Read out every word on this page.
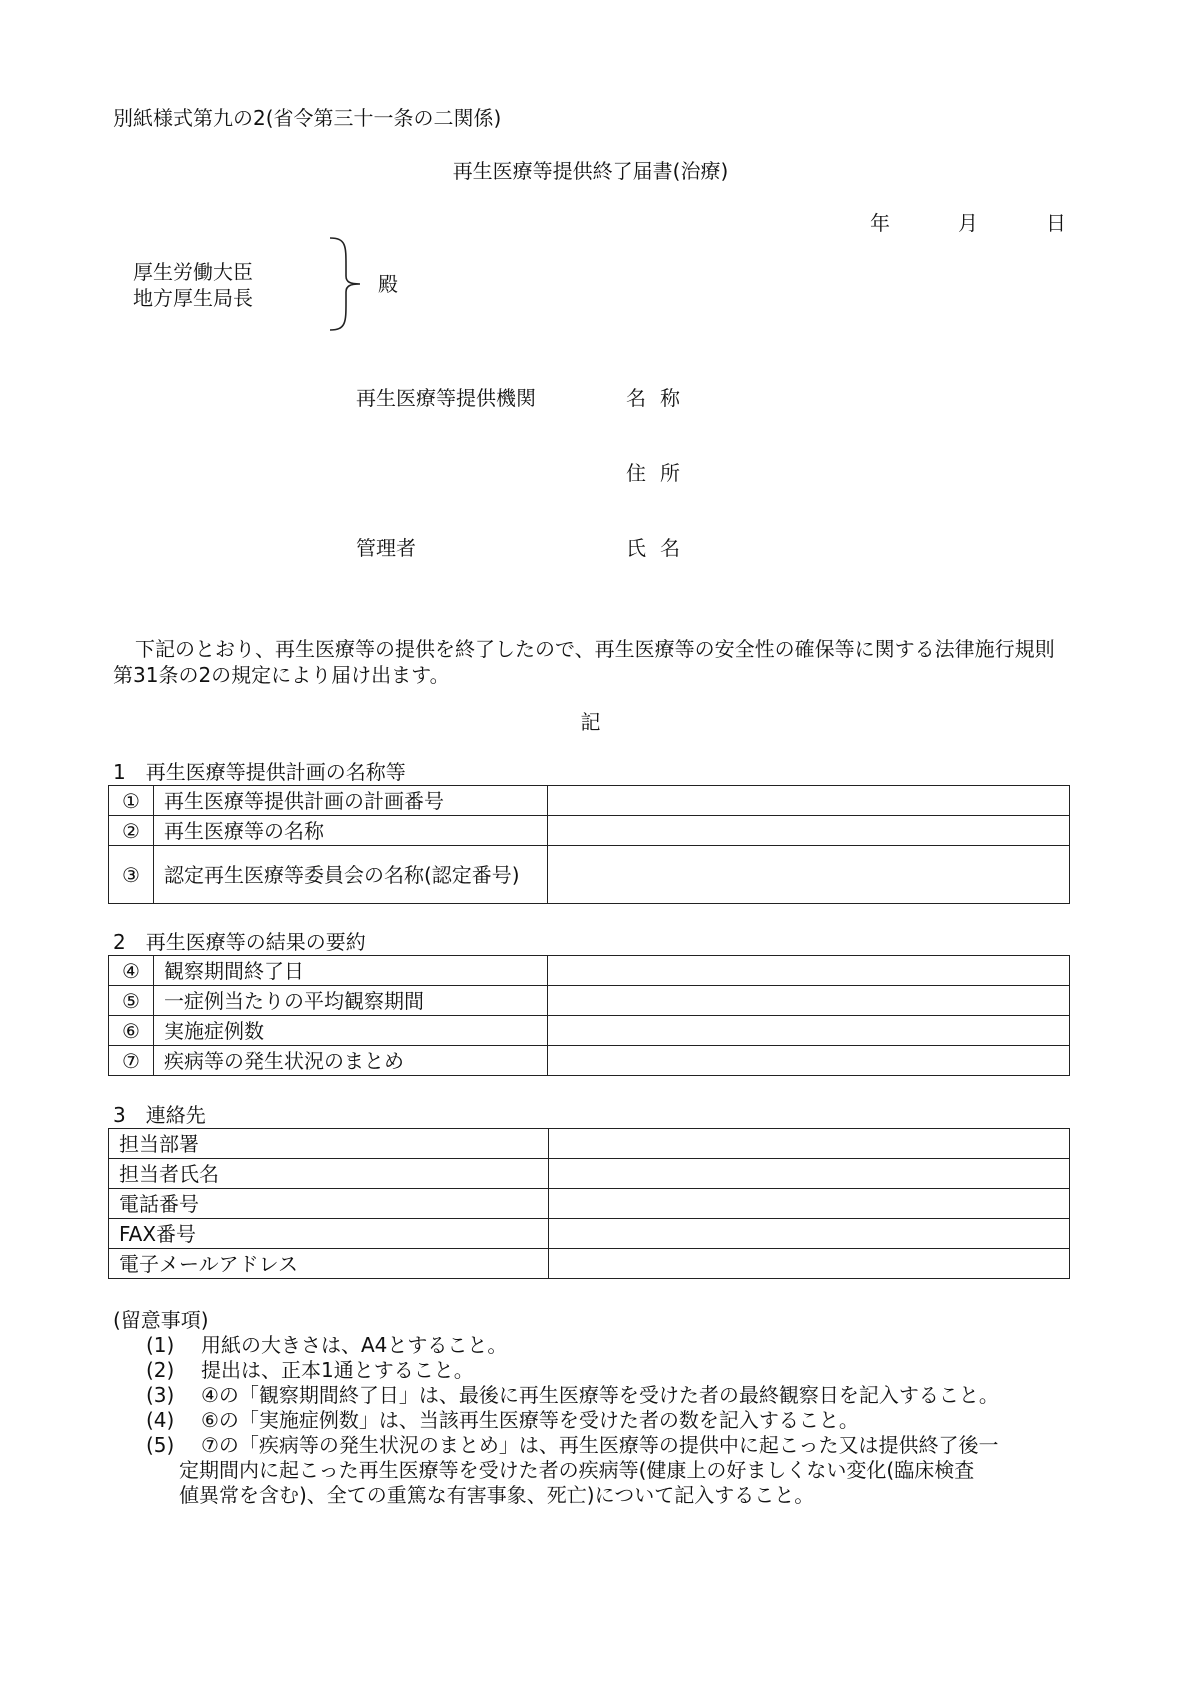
別紙様式第九の2(省令第三十一条の二関係)
再生医療等提供終了届書(治療)
年	月	日
厚生労働大臣
地方厚生局長
殿
再生医療等提供機関	名称
住所
管理者	氏名
下記のとおり、再生医療等の提供を終了したので、再生医療等の安全性の確保等に関する法律施行規則第31条の2の規定により届け出ます。
記
1　再生医療等提供計画の名称等
①	再生医療等提供計画の計画番号	
②	再生医療等の名称	
③	認定再生医療等委員会の名称(認定番号)	
2　再生医療等の結果の要約
④	観察期間終了日	
⑤	一症例当たりの平均観察期間	
⑥	実施症例数	
⑦	疾病等の発生状況のまとめ	
3　連絡先
担当部署	
担当者氏名	
電話番号	
FAX番号	
電子メールアドレス	
(留意事項)
(1) 用紙の大きさは、A4とすること。
(2) 提出は、正本1通とすること。
(3) ④の「観察期間終了日」は、最後に再生医療等を受けた者の最終観察日を記入すること。
(4) ⑥の「実施症例数」は、当該再生医療等を受けた者の数を記入すること。
(5) ⑦の「疾病等の発生状況のまとめ」は、再生医療等の提供中に起こった又は提供終了後一
定期間内に起こった再生医療等を受けた者の疾病等(健康上の好ましくない変化(臨床検査
値異常を含む)、全ての重篤な有害事象、死亡)について記入すること。
